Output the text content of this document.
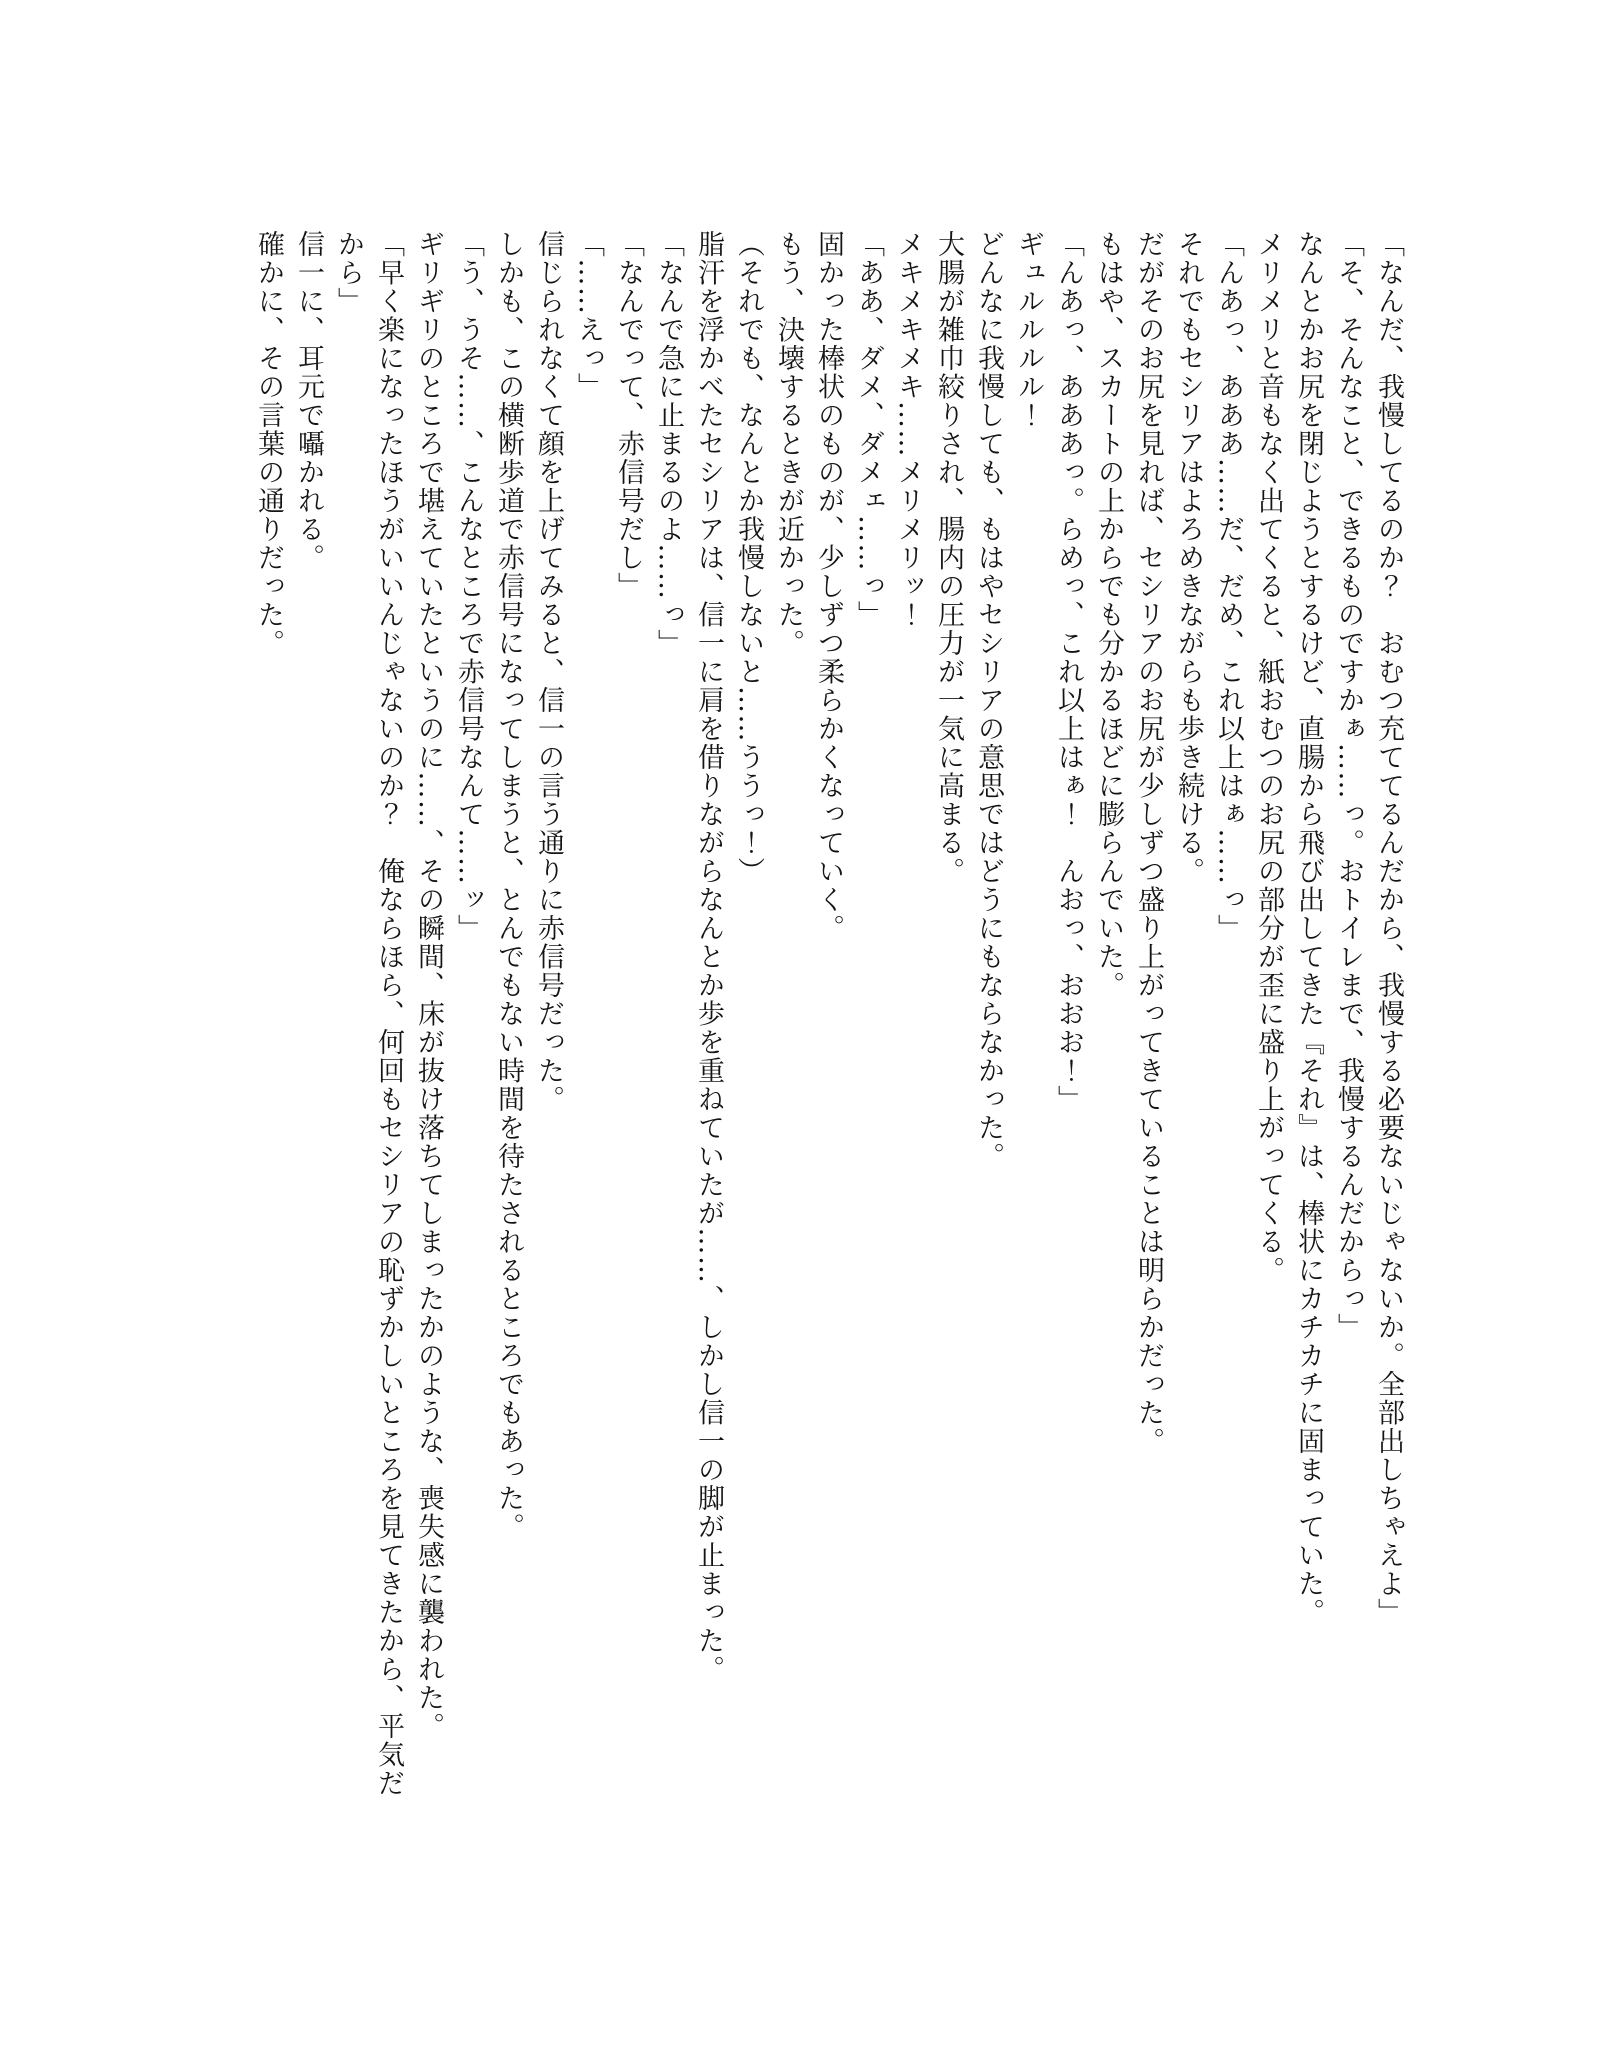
「なんだ、我慢してるのか？　おむつ充ててるんだから、我慢する必要ないじゃないか。全部出しちゃえよ」

「そ、そんなこと、できるものですかぁ……っ。おトイレまで、我慢するんだからっ」

なんとかお尻を閉じようとするけど、直腸から飛び出してきた『それ』は、棒状にカチカチに固まっていた。

メリメリと音もなく出てくると、紙おむつのお尻の部分が歪に盛り上がってくる。

「んあっ、あああ……だ、だめ、これ以上はぁ……っ」

それでもセシリアはよろめきながらも歩き続ける。

だがそのお尻を見れば、セシリアのお尻が少しずつ盛り上がってきていることは明らかだった。

もはや、スカートの上からでも分かるほどに膨らんでいた。

「んあっ、あああっ。らめっ、これ以上はぁ！　んおっ、おおお！」

ギュルルルル！

どんなに我慢しても、もはやセシリアの意思ではどうにもならなかった。

大腸が雑巾絞りされ、腸内の圧力が一気に高まる。

メキメキメキ……メリメリッ！

「ああ、ダメ、ダメェ……っ」

固かった棒状のものが、少しずつ柔らかくなっていく。

もう、決壊するときが近かった。

（それでも、なんとか我慢しないと……ううっ！）

脂汗を浮かべたセシリアは、信一に肩を借りながらなんとか歩を重ねていたが……、しかし信一の脚が止まった。

「なんで急に止まるのよ……っ」

「なんでって、赤信号だし」

「……えっ」

信じられなくて顔を上げてみると、信一の言う通りに赤信号だった。

しかも、この横断歩道で赤信号になってしまうと、とんでもない時間を待たされるところでもあった。

「う、うそ……、こんなところで赤信号なんて……ッ」

ギリギリのところで堪えていたというのに……、その瞬間、床が抜け落ちてしまったかのような、喪失感に襲われた。

「早く楽になったほうがいいんじゃないのか？　俺ならほら、何回もセシリアの恥ずかしいところを見てきたから、平気だから」

信一に、耳元で囁かれる。

確かに、その言葉の通りだった。
